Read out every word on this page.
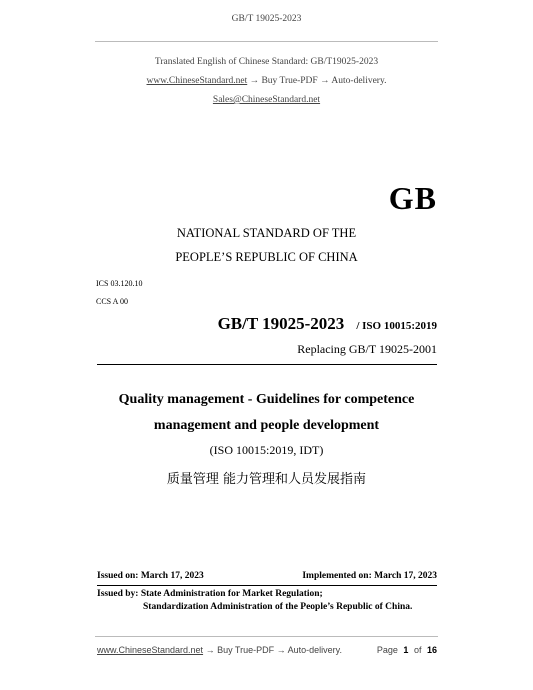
GB/T 19025-2023
Translated English of Chinese Standard: GB/T19025-2023
www.ChineseStandard.net → Buy True-PDF → Auto-delivery.
Sales@ChineseStandard.net
GB
NATIONAL STANDARD OF THE
PEOPLE’S REPUBLIC OF CHINA
ICS 03.120.10
CCS A 00
GB/T 19025-2023 / ISO 10015:2019
Replacing GB/T 19025-2001
Quality management - Guidelines for competence
management and people development
(ISO 10015:2019, IDT)
质量管理 能力管理和人员发展指南
Issued on: March 17, 2023	Implemented on: March 17, 2023
Issued by: State Administration for Market Regulation;
Standardization Administration of the People’s Republic of China.
www.ChineseStandard.net → Buy True-PDF → Auto-delivery.	Page 1 of 16
